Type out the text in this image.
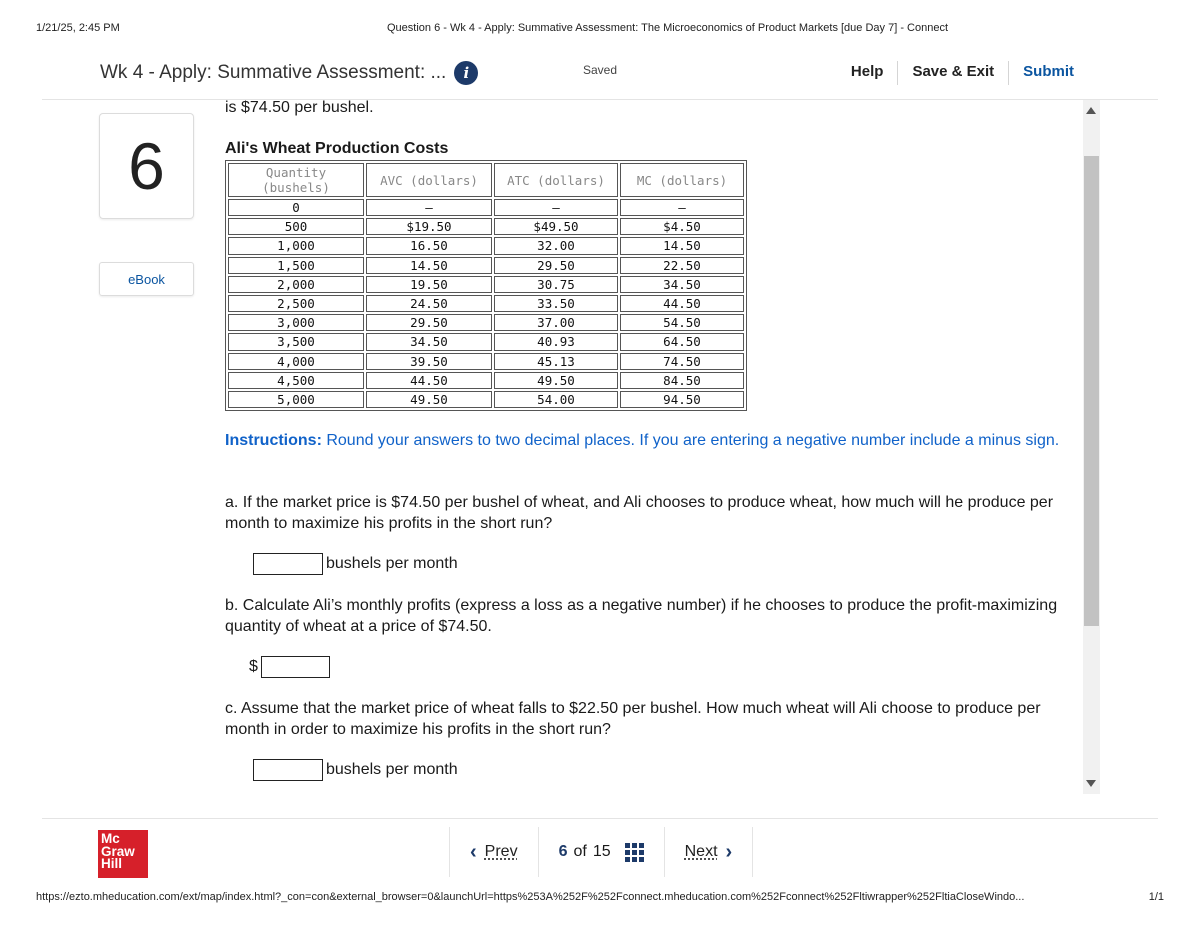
1/21/25, 2:45 PM	Question 6 - Wk 4 - Apply: Summative Assessment: The Microeconomics of Product Markets [due Day 7] - Connect
Wk 4 - Apply: Summative Assessment: ...	i	Saved	Help	Save & Exit	Submit
6
eBook

is $74.50 per bushel.

Ali's Wheat Production Costs

Quantity
(bushels)	AVC (dollars)	ATC (dollars)	MC (dollars)
0	—	—	—
500	$19.50	$49.50	$4.50
1,000	16.50	32.00	14.50
1,500	14.50	29.50	22.50
2,000	19.50	30.75	34.50
2,500	24.50	33.50	44.50
3,000	29.50	37.00	54.50
3,500	34.50	40.93	64.50
4,000	39.50	45.13	74.50
4,500	44.50	49.50	84.50
5,000	49.50	54.00	94.50

Instructions: Round your answers to two decimal places. If you are entering a negative number include a minus sign.

a. If the market price is $74.50 per bushel of wheat, and Ali chooses to produce wheat, how much will he produce per month to maximize his profits in the short run?

bushels per month

b. Calculate Ali’s monthly profits (express a loss as a negative number) if he chooses to produce the profit-maximizing quantity of wheat at a price of $74.50.

$

c. Assume that the market price of wheat falls to $22.50 per bushel. How much wheat will Ali choose to produce per month in order to maximize his profits in the short run?

bushels per month
Mc
Graw
Hill
‹ Prev	6 of 15	Next ›
https://ezto.mheducation.com/ext/map/index.html?_con=con&external_browser=0&launchUrl=https%253A%252F%252Fconnect.mheducation.com%252Fconnect%252Fltiwrapper%252FltiaCloseWindo...	1/1
